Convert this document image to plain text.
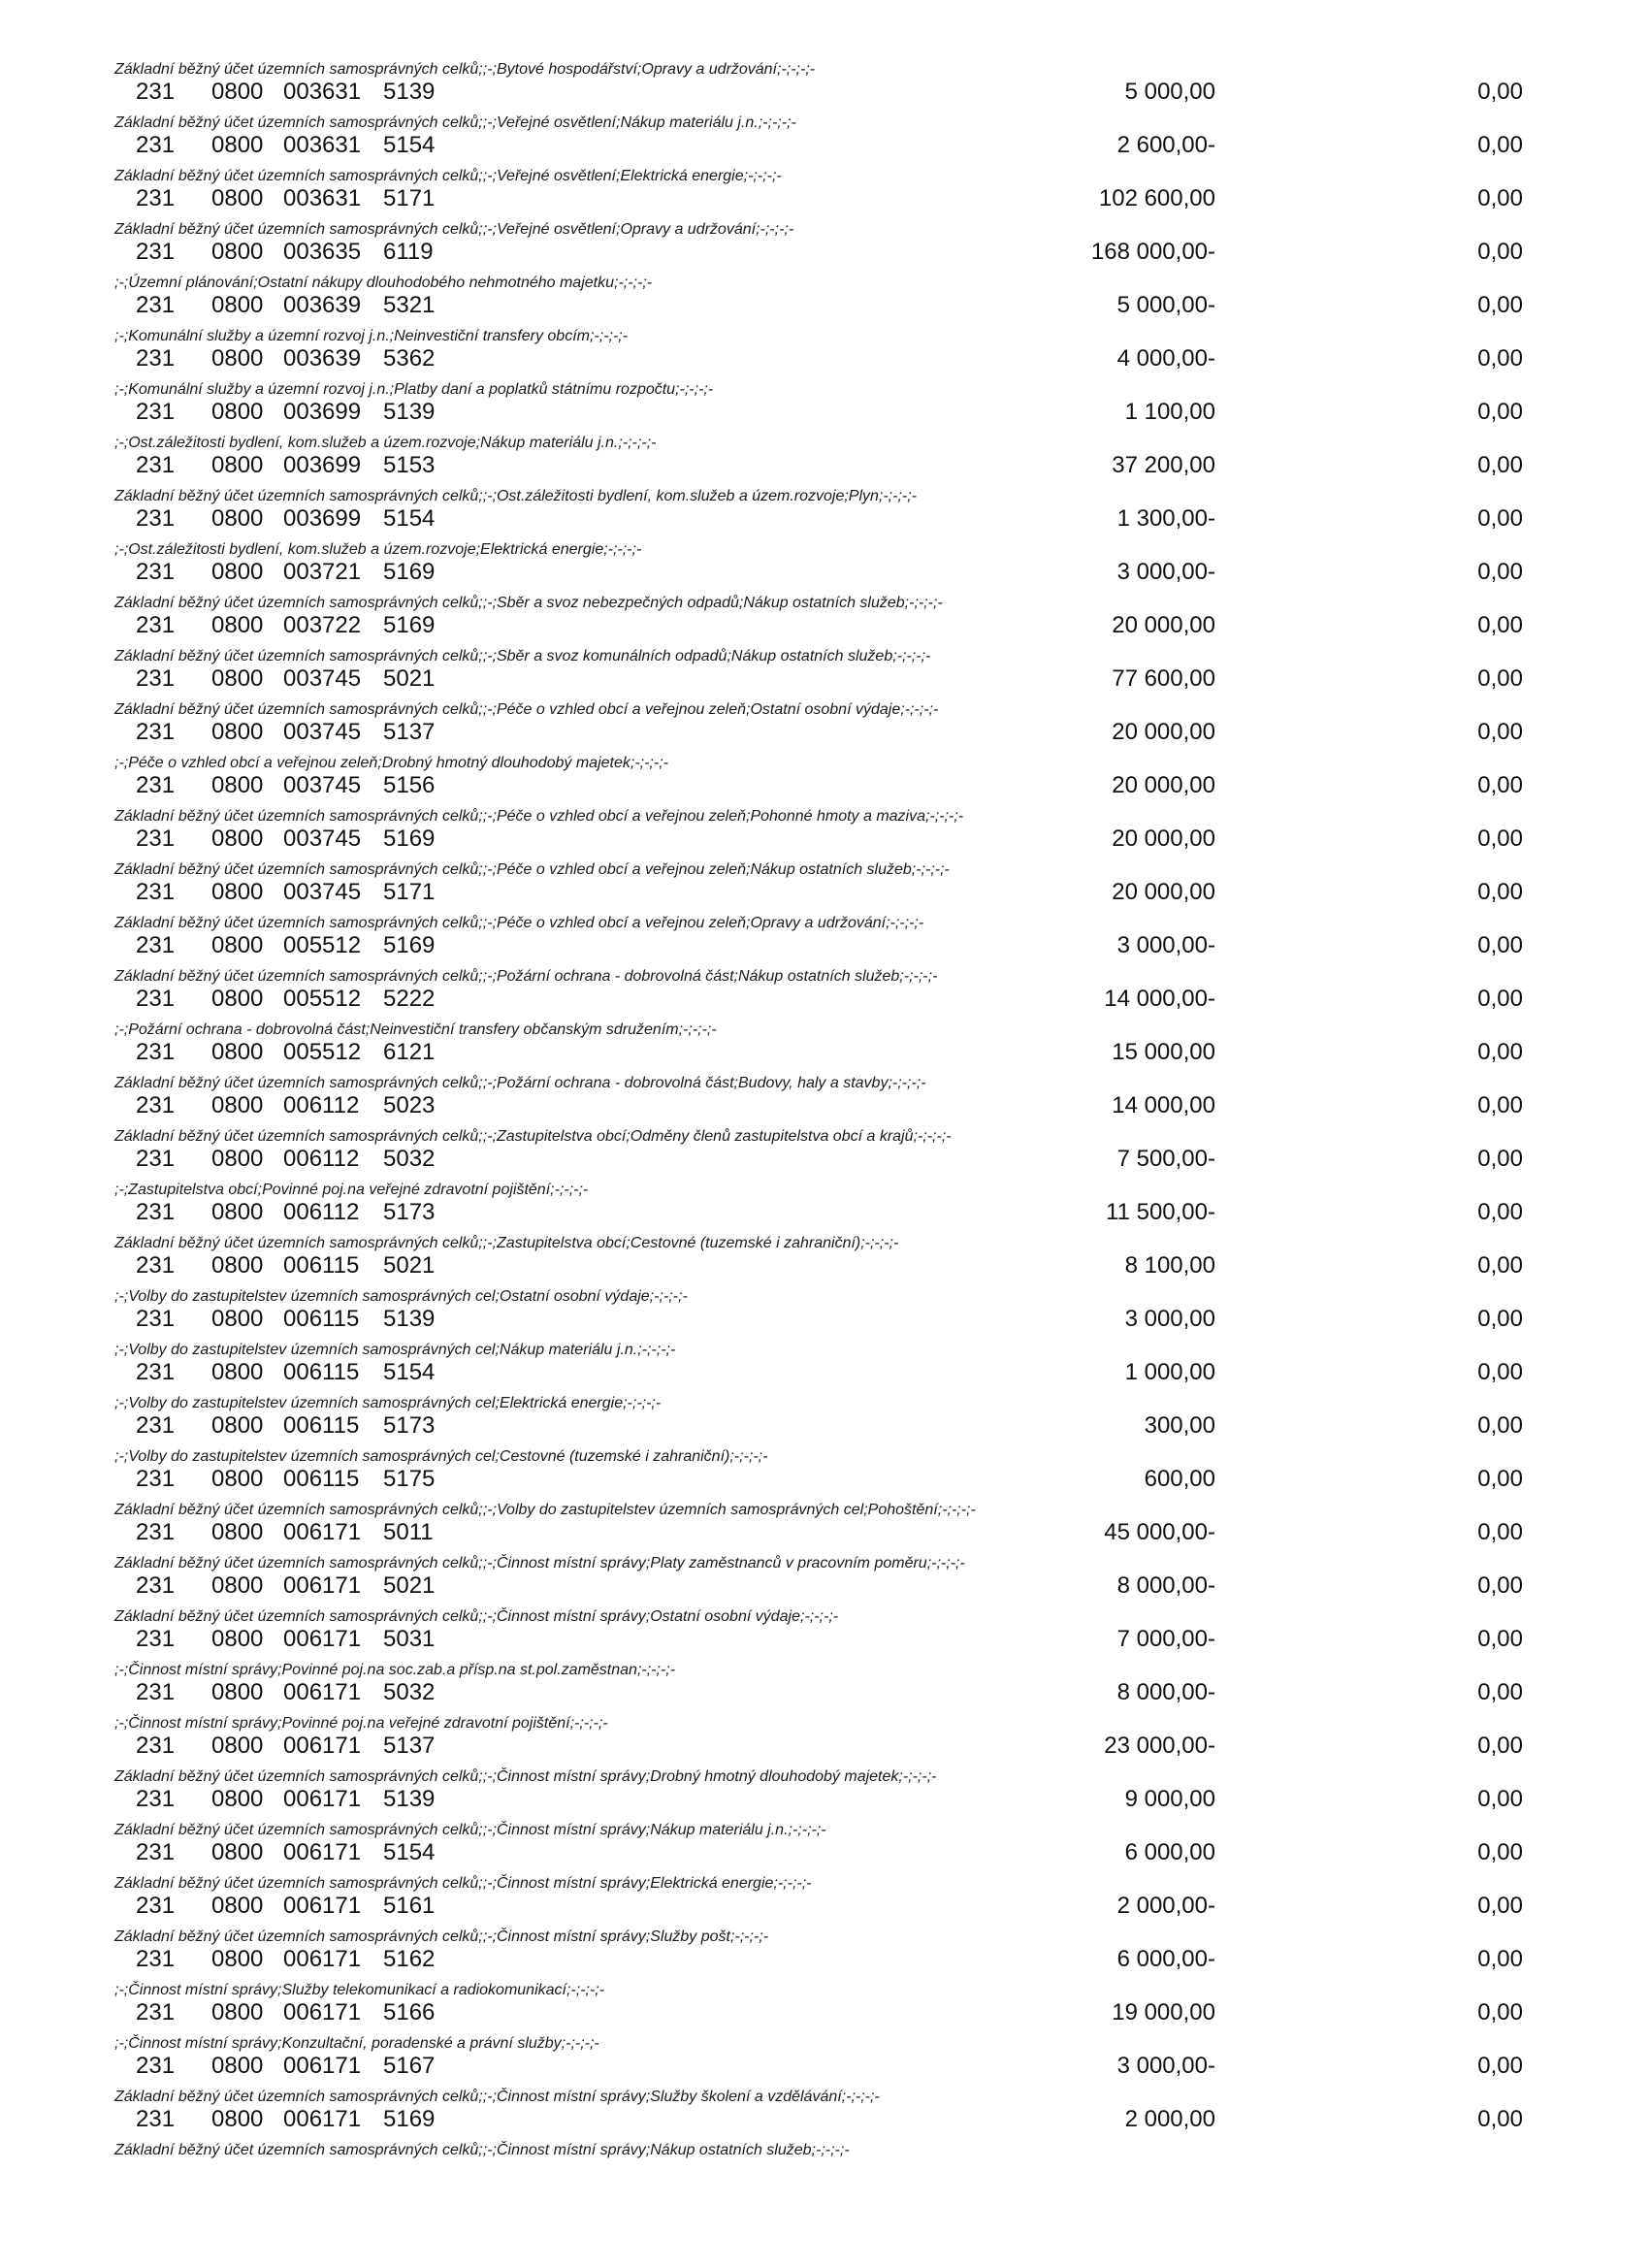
Základní běžný účet územních samosprávných celků;;-;Bytové hospodářství;Opravy a udržování;-;-;-;-
231 0800 003631 5139	5 000,00	0,00
Základní běžný účet územních samosprávných celků;;-;Veřejné osvětlení;Nákup materiálu j.n.;-;-;-;-
231 0800 003631 5154	2 600,00-	0,00
Základní běžný účet územních samosprávných celků;;-;Veřejné osvětlení;Elektrická energie;-;-;-;-
231 0800 003631 5171	102 600,00	0,00
Základní běžný účet územních samosprávných celků;;-;Veřejné osvětlení;Opravy a udržování;-;-;-;-
231 0800 003635 6119	168 000,00-	0,00
;-;Územní plánování;Ostatní nákupy dlouhodobého nehmotného majetku;-;-;-;-
231 0800 003639 5321	5 000,00-	0,00
;-;Komunální služby a územní rozvoj j.n.;Neinvestiční transfery obcím;-;-;-;-
231 0800 003639 5362	4 000,00-	0,00
;-;Komunální služby a územní rozvoj j.n.;Platby daní a poplatků státnímu rozpočtu;-;-;-;-
231 0800 003699 5139	1 100,00	0,00
;-;Ost.záležitosti bydlení, kom.služeb a územ.rozvoje;Nákup materiálu j.n.;-;-;-;-
231 0800 003699 5153	37 200,00	0,00
Základní běžný účet územních samosprávných celků;;-;Ost.záležitosti bydlení, kom.služeb a územ.rozvoje;Plyn;-;-;-;-
231 0800 003699 5154	1 300,00-	0,00
;-;Ost.záležitosti bydlení, kom.služeb a územ.rozvoje;Elektrická energie;-;-;-;-
231 0800 003721 5169	3 000,00-	0,00
Základní běžný účet územních samosprávných celků;;-;Sběr a svoz nebezpečných odpadů;Nákup ostatních služeb;-;-;-;-
231 0800 003722 5169	20 000,00	0,00
Základní běžný účet územních samosprávných celků;;-;Sběr a svoz komunálních odpadů;Nákup ostatních služeb;-;-;-;-
231 0800 003745 5021	77 600,00	0,00
Základní běžný účet územních samosprávných celků;;-;Péče o vzhled obcí a veřejnou zeleň;Ostatní osobní výdaje;-;-;-;-
231 0800 003745 5137	20 000,00	0,00
;-;Péče o vzhled obcí a veřejnou zeleň;Drobný hmotný dlouhodobý majetek;-;-;-;-
231 0800 003745 5156	20 000,00	0,00
Základní běžný účet územních samosprávných celků;;-;Péče o vzhled obcí a veřejnou zeleň;Pohonné hmoty a maziva;-;-;-;-
231 0800 003745 5169	20 000,00	0,00
Základní běžný účet územních samosprávných celků;;-;Péče o vzhled obcí a veřejnou zeleň;Nákup ostatních služeb;-;-;-;-
231 0800 003745 5171	20 000,00	0,00
Základní běžný účet územních samosprávných celků;;-;Péče o vzhled obcí a veřejnou zeleň;Opravy a udržování;-;-;-;-
231 0800 005512 5169	3 000,00-	0,00
Základní běžný účet územních samosprávných celků;;-;Požární ochrana - dobrovolná část;Nákup ostatních služeb;-;-;-;-
231 0800 005512 5222	14 000,00-	0,00
;-;Požární ochrana - dobrovolná část;Neinvestiční transfery občanským sdružením;-;-;-;-
231 0800 005512 6121	15 000,00	0,00
Základní běžný účet územních samosprávných celků;;-;Požární ochrana - dobrovolná část;Budovy, haly a stavby;-;-;-;-
231 0800 006112 5023	14 000,00	0,00
Základní běžný účet územních samosprávných celků;;-;Zastupitelstva obcí;Odměny členů zastupitelstva obcí a krajů;-;-;-;-
231 0800 006112 5032	7 500,00-	0,00
;-;Zastupitelstva obcí;Povinné poj.na veřejné zdravotní pojištění;-;-;-;-
231 0800 006112 5173	11 500,00-	0,00
Základní běžný účet územních samosprávných celků;;-;Zastupitelstva obcí;Cestovné (tuzemské i zahraniční);-;-;-;-
231 0800 006115 5021	8 100,00	0,00
;-;Volby do zastupitelstev územních samosprávných cel;Ostatní osobní výdaje;-;-;-;-
231 0800 006115 5139	3 000,00	0,00
;-;Volby do zastupitelstev územních samosprávných cel;Nákup materiálu j.n.;-;-;-;-
231 0800 006115 5154	1 000,00	0,00
;-;Volby do zastupitelstev územních samosprávných cel;Elektrická energie;-;-;-;-
231 0800 006115 5173	300,00	0,00
;-;Volby do zastupitelstev územních samosprávných cel;Cestovné (tuzemské i zahraniční);-;-;-;-
231 0800 006115 5175	600,00	0,00
Základní běžný účet územních samosprávných celků;;-;Volby do zastupitelstev územních samosprávných cel;Pohoštění;-;-;-;-
231 0800 006171 5011	45 000,00-	0,00
Základní běžný účet územních samosprávných celků;;-;Činnost místní správy;Platy zaměstnanců v pracovním poměru;-;-;-;-
231 0800 006171 5021	8 000,00-	0,00
Základní běžný účet územních samosprávných celků;;-;Činnost místní správy;Ostatní osobní výdaje;-;-;-;-
231 0800 006171 5031	7 000,00-	0,00
;-;Činnost místní správy;Povinné poj.na soc.zab.a přísp.na st.pol.zaměstnan;-;-;-;-
231 0800 006171 5032	8 000,00-	0,00
;-;Činnost místní správy;Povinné poj.na veřejné zdravotní pojištění;-;-;-;-
231 0800 006171 5137	23 000,00-	0,00
Základní běžný účet územních samosprávných celků;;-;Činnost místní správy;Drobný hmotný dlouhodobý majetek;-;-;-;-
231 0800 006171 5139	9 000,00	0,00
Základní běžný účet územních samosprávných celků;;-;Činnost místní správy;Nákup materiálu j.n.;-;-;-;-
231 0800 006171 5154	6 000,00	0,00
Základní běžný účet územních samosprávných celků;;-;Činnost místní správy;Elektrická energie;-;-;-;-
231 0800 006171 5161	2 000,00-	0,00
Základní běžný účet územních samosprávných celků;;-;Činnost místní správy;Služby pošt;-;-;-;-
231 0800 006171 5162	6 000,00-	0,00
;-;Činnost místní správy;Služby telekomunikací a radiokomunikací;-;-;-;-
231 0800 006171 5166	19 000,00	0,00
;-;Činnost místní správy;Konzultační, poradenské a právní služby;-;-;-;-
231 0800 006171 5167	3 000,00-	0,00
Základní běžný účet územních samosprávných celků;;-;Činnost místní správy;Služby školení a vzdělávání;-;-;-;-
231 0800 006171 5169	2 000,00	0,00
Základní běžný účet územních samosprávných celků;;-;Činnost místní správy;Nákup ostatních služeb;-;-;-;-
